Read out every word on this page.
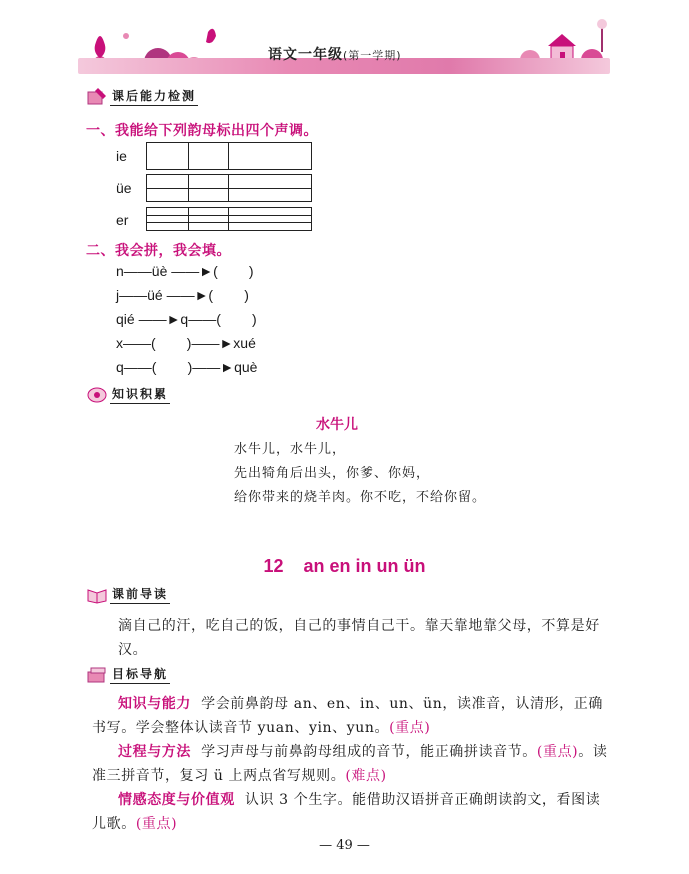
语文一年级(第一学期)
课后能力检测
一、我能给下列韵母标出四个声调。
ie
üe
er
二、我会拼，我会填。
n——üè ——►(        )
j——üé ——►(        )
qié ——►q——(        )
x——(        )——►xué
q——(        )——►què
知识积累
水牛儿
水牛儿，水牛儿，
先出犄角后出头，你爹、你妈，
给你带来的烧羊肉。你不吃，不给你留。
12    an en in un ün
课前导读
滴自己的汗，吃自己的饭，自己的事情自己干。靠天靠地靠父母，不算是好汉。
目标导航
知识与能力 学会前鼻韵母 an、en、in、un、ün，读准音，认清形，正确书写。学会整体认读音节 yuan、yin、yun。(重点)
过程与方法 学习声母与前鼻韵母组成的音节，能正确拼读音节。(重点)。读准三拼音节，复习 ü 上两点省写规则。(难点)
情感态度与价值观 认识 3 个生字。能借助汉语拼音正确朗读韵文，看图读儿歌。(重点)
— 49 —
